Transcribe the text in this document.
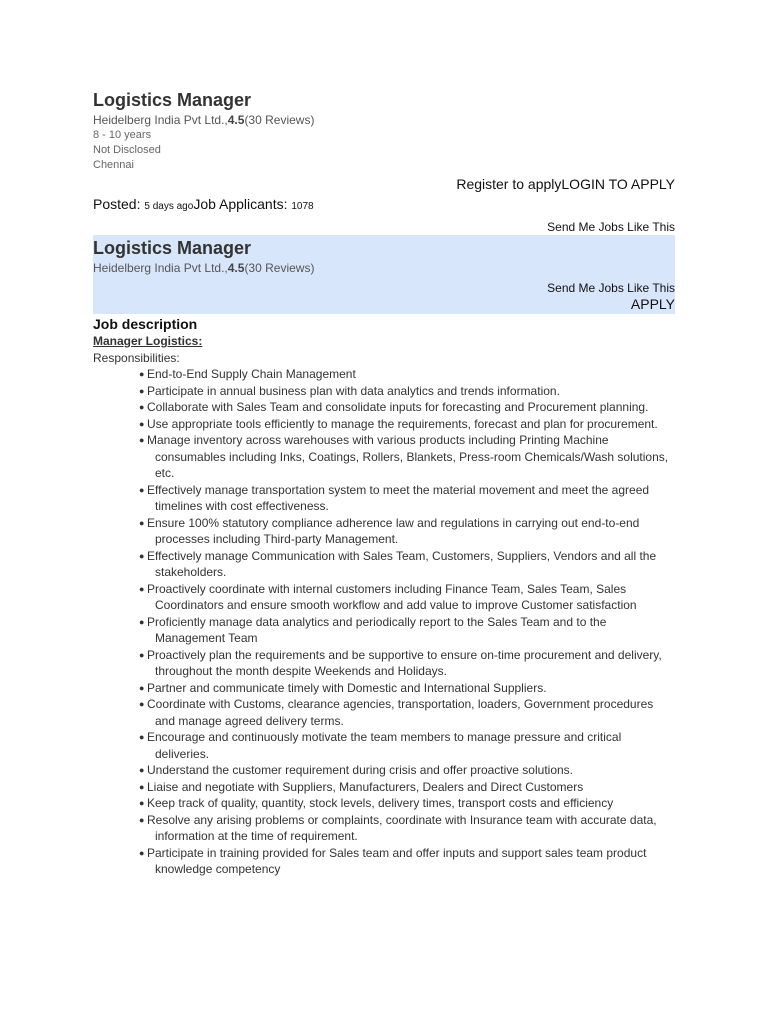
Logistics Manager
Heidelberg India Pvt Ltd.,4.5(30 Reviews)
8 - 10 years
Not Disclosed
Chennai
Register to applyLOGIN TO APPLY
Posted: 5 days agoJob Applicants: 1078
Send Me Jobs Like This
Logistics Manager
Heidelberg India Pvt Ltd.,4.5(30 Reviews)
Send Me Jobs Like This
APPLY
Job description
Manager Logistics:
Responsibilities:
● End-to-End Supply Chain Management
● Participate in annual business plan with data analytics and trends information.
● Collaborate with Sales Team and consolidate inputs for forecasting and Procurement planning.
● Use appropriate tools efficiently to manage the requirements, forecast and plan for procurement.
● Manage inventory across warehouses with various products including Printing Machine consumables including Inks, Coatings, Rollers, Blankets, Press-room Chemicals/Wash solutions, etc.
● Effectively manage transportation system to meet the material movement and meet the agreed timelines with cost effectiveness.
● Ensure 100% statutory compliance adherence law and regulations in carrying out end-to-end processes including Third-party Management.
● Effectively manage Communication with Sales Team, Customers, Suppliers, Vendors and all the stakeholders.
● Proactively coordinate with internal customers including Finance Team, Sales Team, Sales Coordinators and ensure smooth workflow and add value to improve Customer satisfaction
● Proficiently manage data analytics and periodically report to the Sales Team and to the Management Team
● Proactively plan the requirements and be supportive to ensure on-time procurement and delivery, throughout the month despite Weekends and Holidays.
● Partner and communicate timely with Domestic and International Suppliers.
● Coordinate with Customs, clearance agencies, transportation, loaders, Government procedures and manage agreed delivery terms.
● Encourage and continuously motivate the team members to manage pressure and critical deliveries.
● Understand the customer requirement during crisis and offer proactive solutions.
● Liaise and negotiate with Suppliers, Manufacturers, Dealers and Direct Customers
● Keep track of quality, quantity, stock levels, delivery times, transport costs and efficiency
● Resolve any arising problems or complaints, coordinate with Insurance team with accurate data, information at the time of requirement.
● Participate in training provided for Sales team and offer inputs and support sales team product knowledge competency
